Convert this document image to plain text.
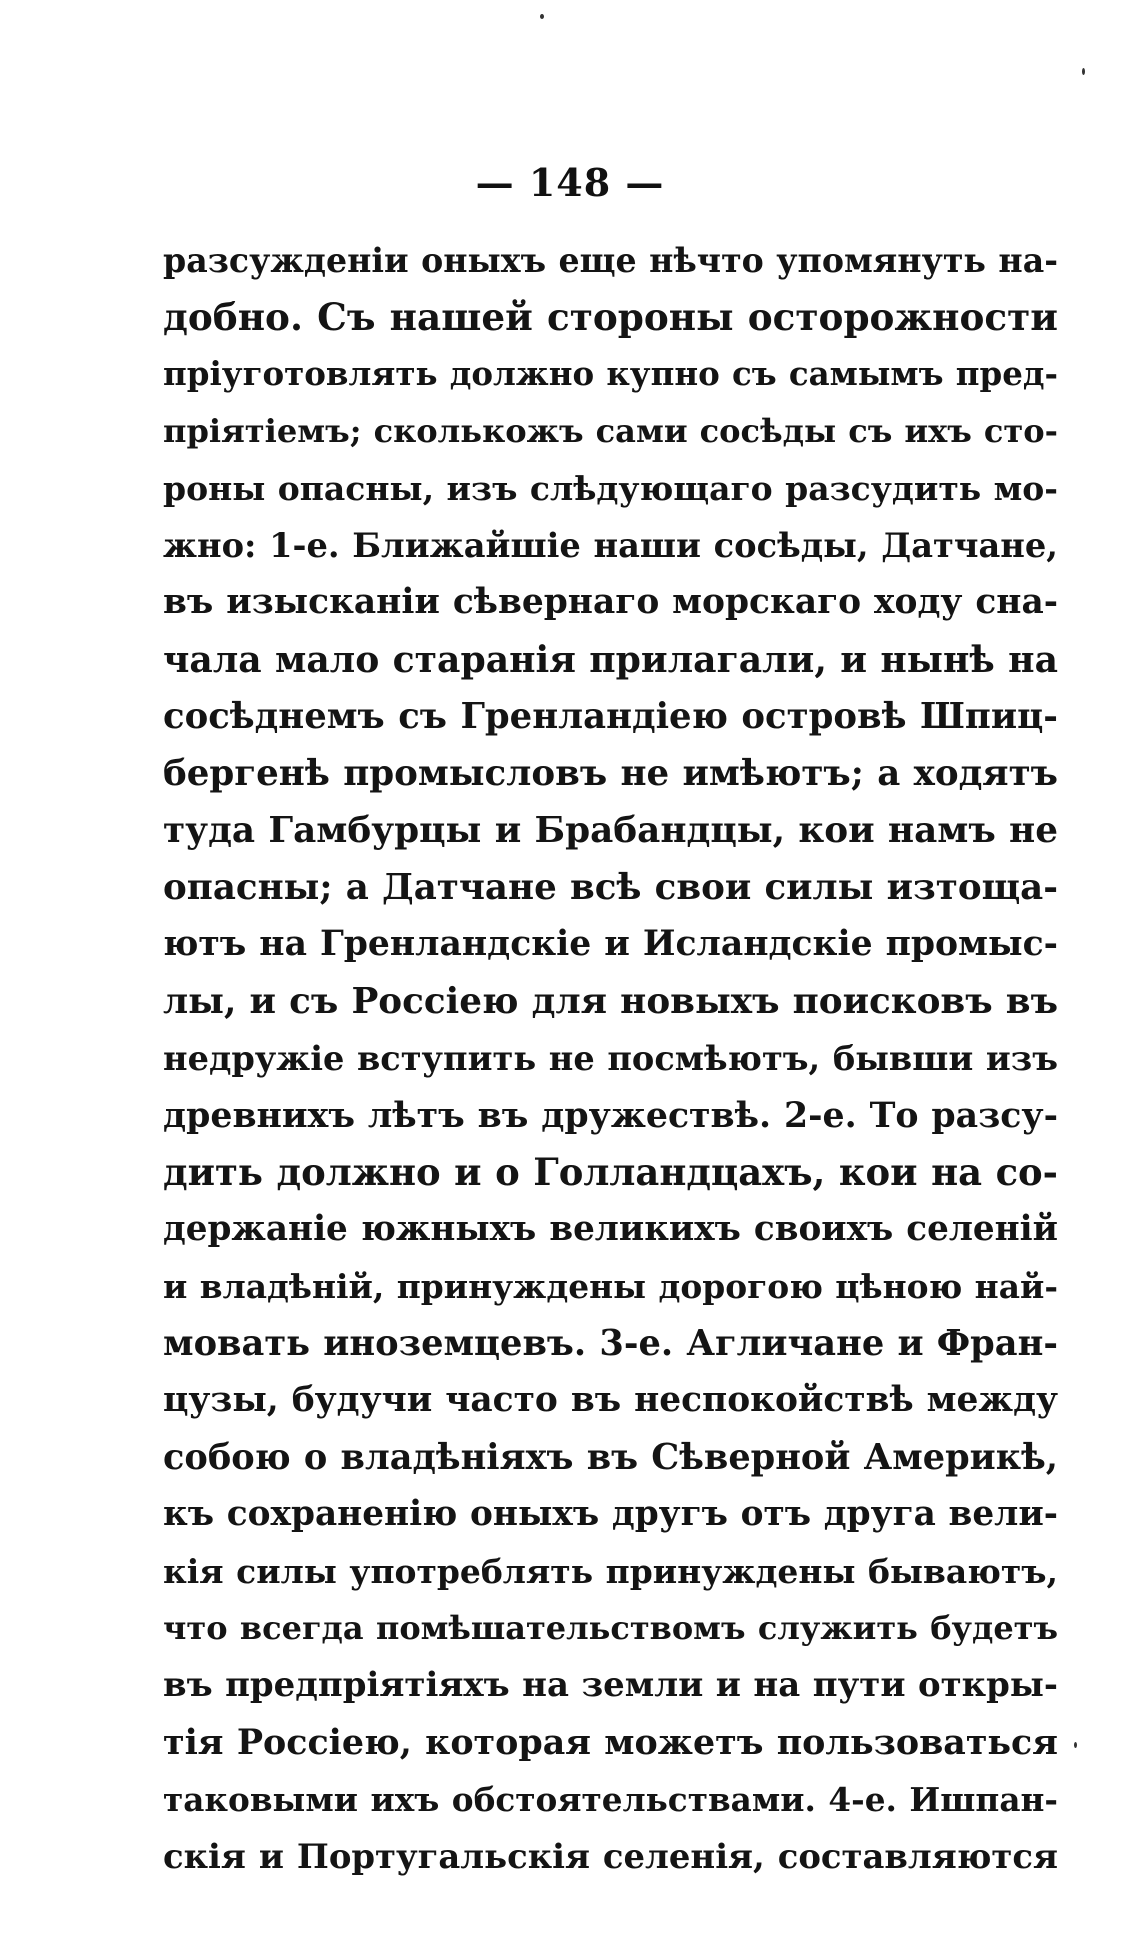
— 148 —
разсужденіи оныхъ еще нѣчто упомянуть на-
добно. Съ нашей стороны осторожности
пріуготовлять должно купно съ самымъ пред-
пріятіемъ; сколькожъ сами сосѣды съ ихъ сто-
роны опасны, изъ слѣдующаго разсудить мо-
жно: 1-е. Ближайшіе наши сосѣды, Датчане,
въ изысканіи сѣвернаго морскаго ходу сна-
чала мало старанія прилагали, и нынѣ на
сосѣднемъ съ Гренландіею островѣ Шпиц-
бергенѣ промысловъ не имѣютъ; а ходятъ
туда Гамбурцы и Брабандцы, кои намъ не
опасны; а Датчане всѣ свои силы изтоща-
ютъ на Гренландскіе и Исландскіе промыс-
лы, и съ Россіею для новыхъ поисковъ въ
недружіе вступить не посмѣютъ, бывши изъ
древнихъ лѣтъ въ дружествѣ. 2-е. То разсу-
дить должно и о Голландцахъ, кои на со-
держаніе южныхъ великихъ своихъ селеній
и владѣній, принуждены дорогою цѣною най-
мовать иноземцевъ. 3-е. Агличане и Фран-
цузы, будучи часто въ неспокойствѣ между
собою о владѣніяхъ въ Сѣверной Америкѣ,
къ сохраненію оныхъ другъ отъ друга вели-
кія силы употреблять принуждены бываютъ,
что всегда помѣшательствомъ служить будетъ
въ предпріятіяхъ на земли и на пути откры-
тія Россіею, которая можетъ пользоваться
таковыми ихъ обстоятельствами. 4-е. Ишпан-
скія и Португальскія селенія, составляются
